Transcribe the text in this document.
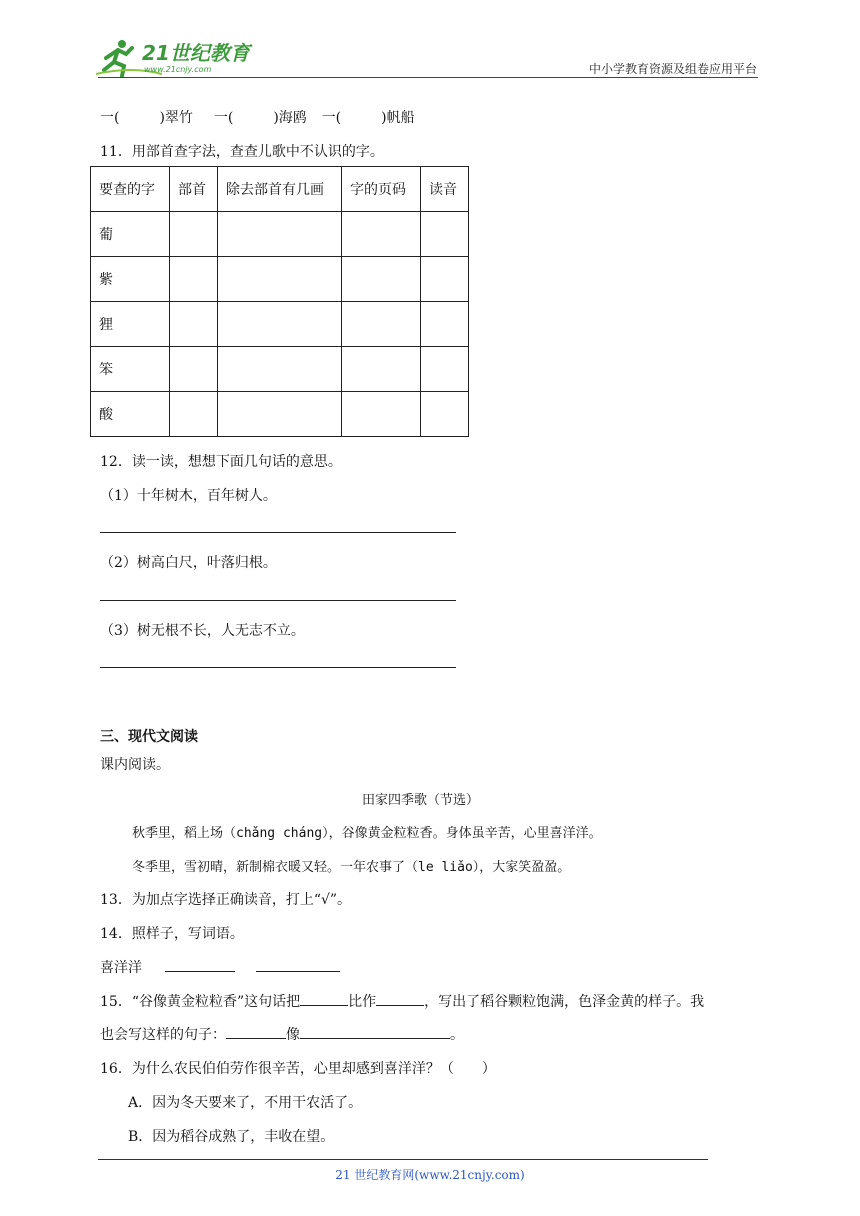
21世纪教育
www.21cnjy.com	中小学教育资源及组卷应用平台
一(	)翠竹 一(	)海鸥 一(	)帆船
11．用部首查字法，查查儿歌中不认识的字。
要查的字	部首	除去部首有几画	字的页码	读音
葡				
紫				
狸				
笨				
酸				
12．读一读，想想下面几句话的意思。
（1）十年树木，百年树人。
（2）树高白尺，叶落归根。
（3）树无根不长，人无志不立。
三、现代文阅读
课内阅读。
田家四季歌（节选）
秋季里，稻上场（chǎng cháng），谷像黄金粒粒香。身体虽辛苦，心里喜洋洋。
冬季里，雪初晴，新制棉衣暖又轻。一年农事了（le liǎo），大家笑盈盈。
13．为加点字选择正确读音，打上“√”。
14．照样子，写词语。
喜洋洋
15．“谷像黄金粒粒香”这句话把	比作	，写出了稻谷颗粒饱满，色泽金黄的样子。我
也会写这样的句子：	像	。
16．为什么农民伯伯劳作很辛苦，心里却感到喜洋洋？（　　）
A．因为冬天要来了，不用干农活了。
B．因为稻谷成熟了，丰收在望。
21 世纪教育网(www.21cnjy.com)
